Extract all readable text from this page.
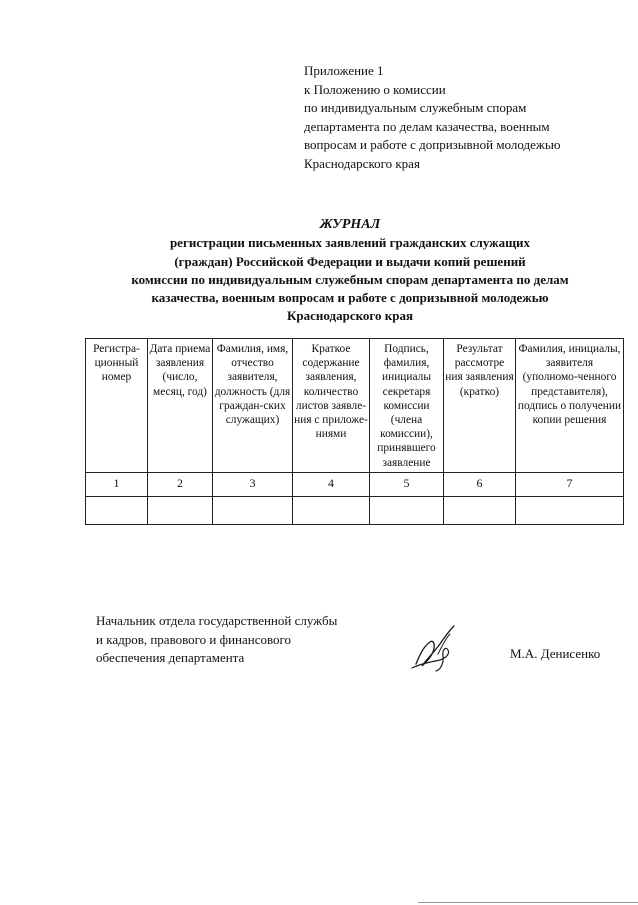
Приложение 1
к Положению о комиссии
по индивидуальным служебным спорам
департамента по делам казачества, военным
вопросам и работе с допризывной молодежью
Краснодарского края
ЖУРНАЛ
регистрации письменных заявлений гражданских служащих
(граждан) Российской Федерации и выдачи копий решений
комиссии по индивидуальным служебным спорам департамента по делам
казачества, военным вопросам и работе с допризывной молодежью
Краснодарского края
Регистра-ционный номер	Дата приема заявления (число, месяц, год)	Фамилия, имя, отчество заявителя, должность (для граждан-ских служащих)	Краткое содержание заявления, количество листов заявле-ния с приложе-ниями	Подпись, фамилия, инициалы секретаря комиссии (члена комиссии), принявшего заявление	Результат рассмотре ния заявления (кратко)	Фамилия, инициалы, заявителя (уполномо-ченного представителя), подпись о получении копии решения
1	2	3	4	5	6	7

Начальник отдела государственной службы
и кадров, правового и финансового
обеспечения департамента	М.А. Денисенко
